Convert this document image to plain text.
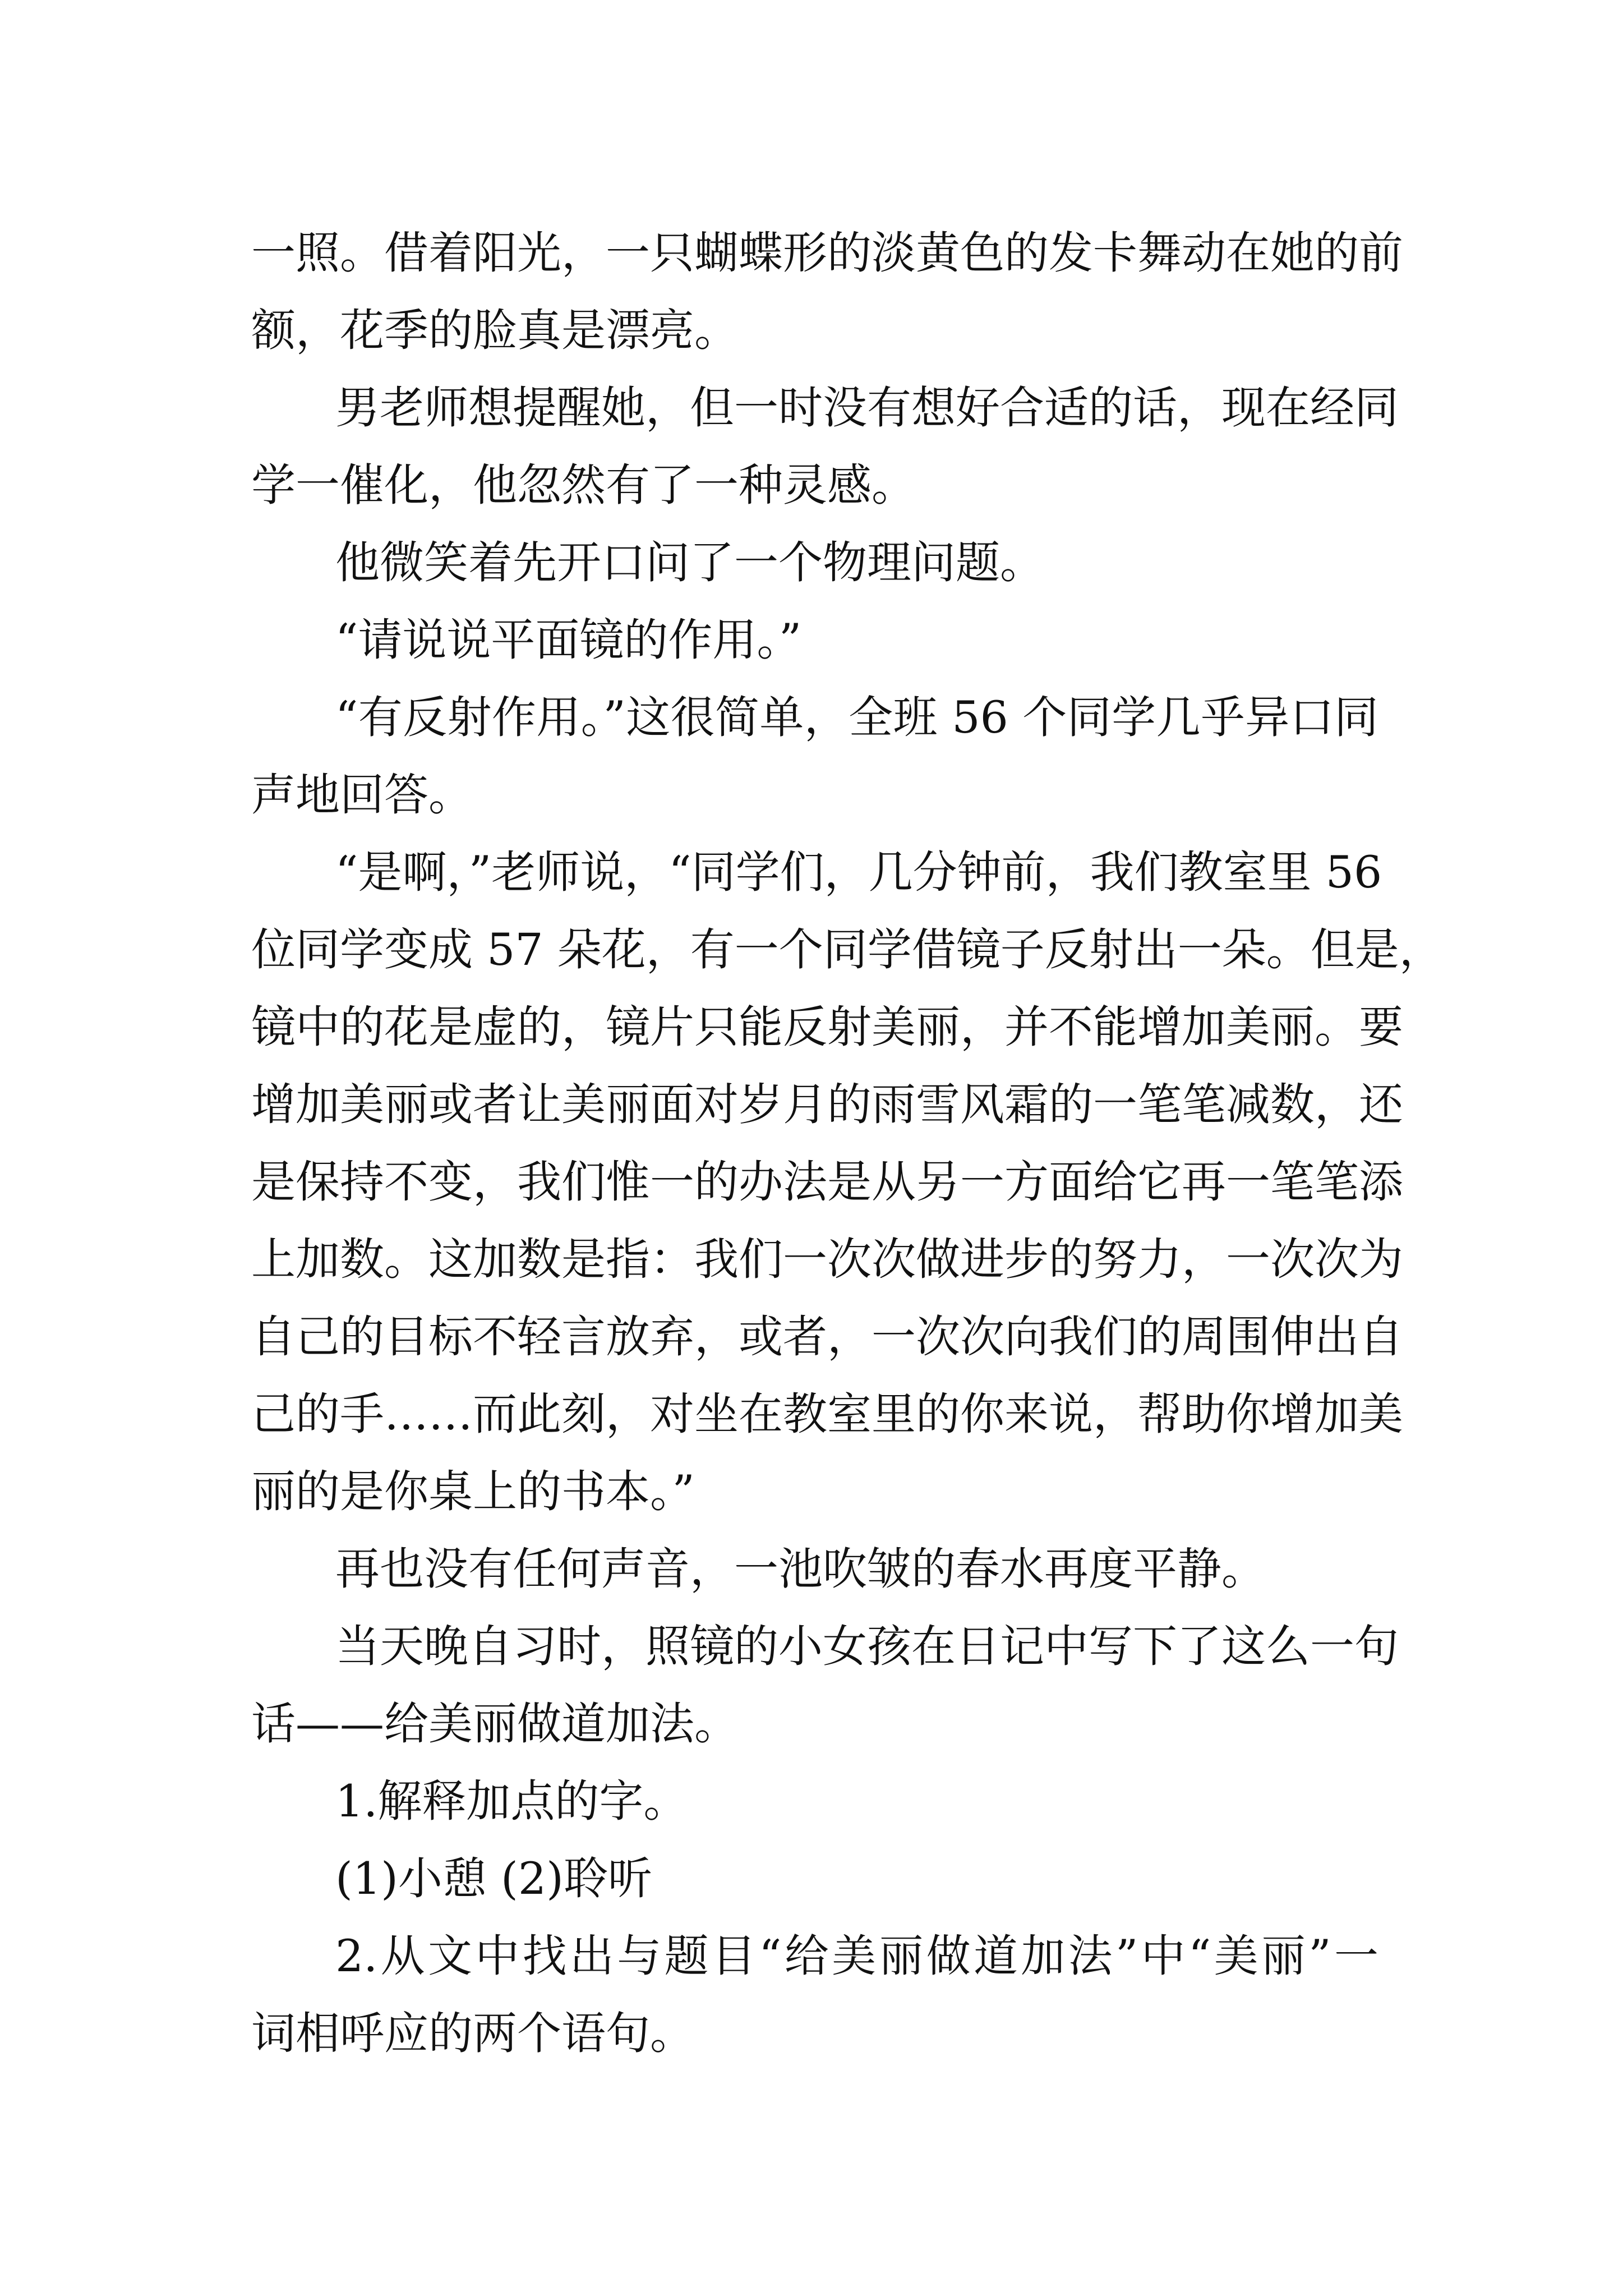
一照。借着阳光，一只蝴蝶形的淡黄色的发卡舞动在她的前
额，花季的脸真是漂亮。
男老师想提醒她，但一时没有想好合适的话，现在经同
学一催化，他忽然有了一种灵感。
他微笑着先开口问了一个物理问题。
“请说说平面镜的作用。”
“有反射作用。”这很简单，全班 56 个同学几乎异口同
声地回答。
“是啊，”老师说，“同学们，几分钟前，我们教室里 56
位同学变成 57 朵花，有一个同学借镜子反射出一朵。但是，
镜中的花是虚的，镜片只能反射美丽，并不能增加美丽。要
增加美丽或者让美丽面对岁月的雨雪风霜的一笔笔减数，还
是保持不变，我们惟一的办法是从另一方面给它再一笔笔添
上加数。这加数是指：我们一次次做进步的努力，一次次为
自己的目标不轻言放弃，或者，一次次向我们的周围伸出自
己的手……而此刻，对坐在教室里的你来说，帮助你增加美
丽的是你桌上的书本。”
再也没有任何声音，一池吹皱的春水再度平静。
当天晚自习时，照镜的小女孩在日记中写下了这么一句
话——给美丽做道加法。
1.解释加点的字。
(1)小憩 (2)聆听
2.从文中找出与题目“给美丽做道加法”中“美丽”一
词相呼应的两个语句。
